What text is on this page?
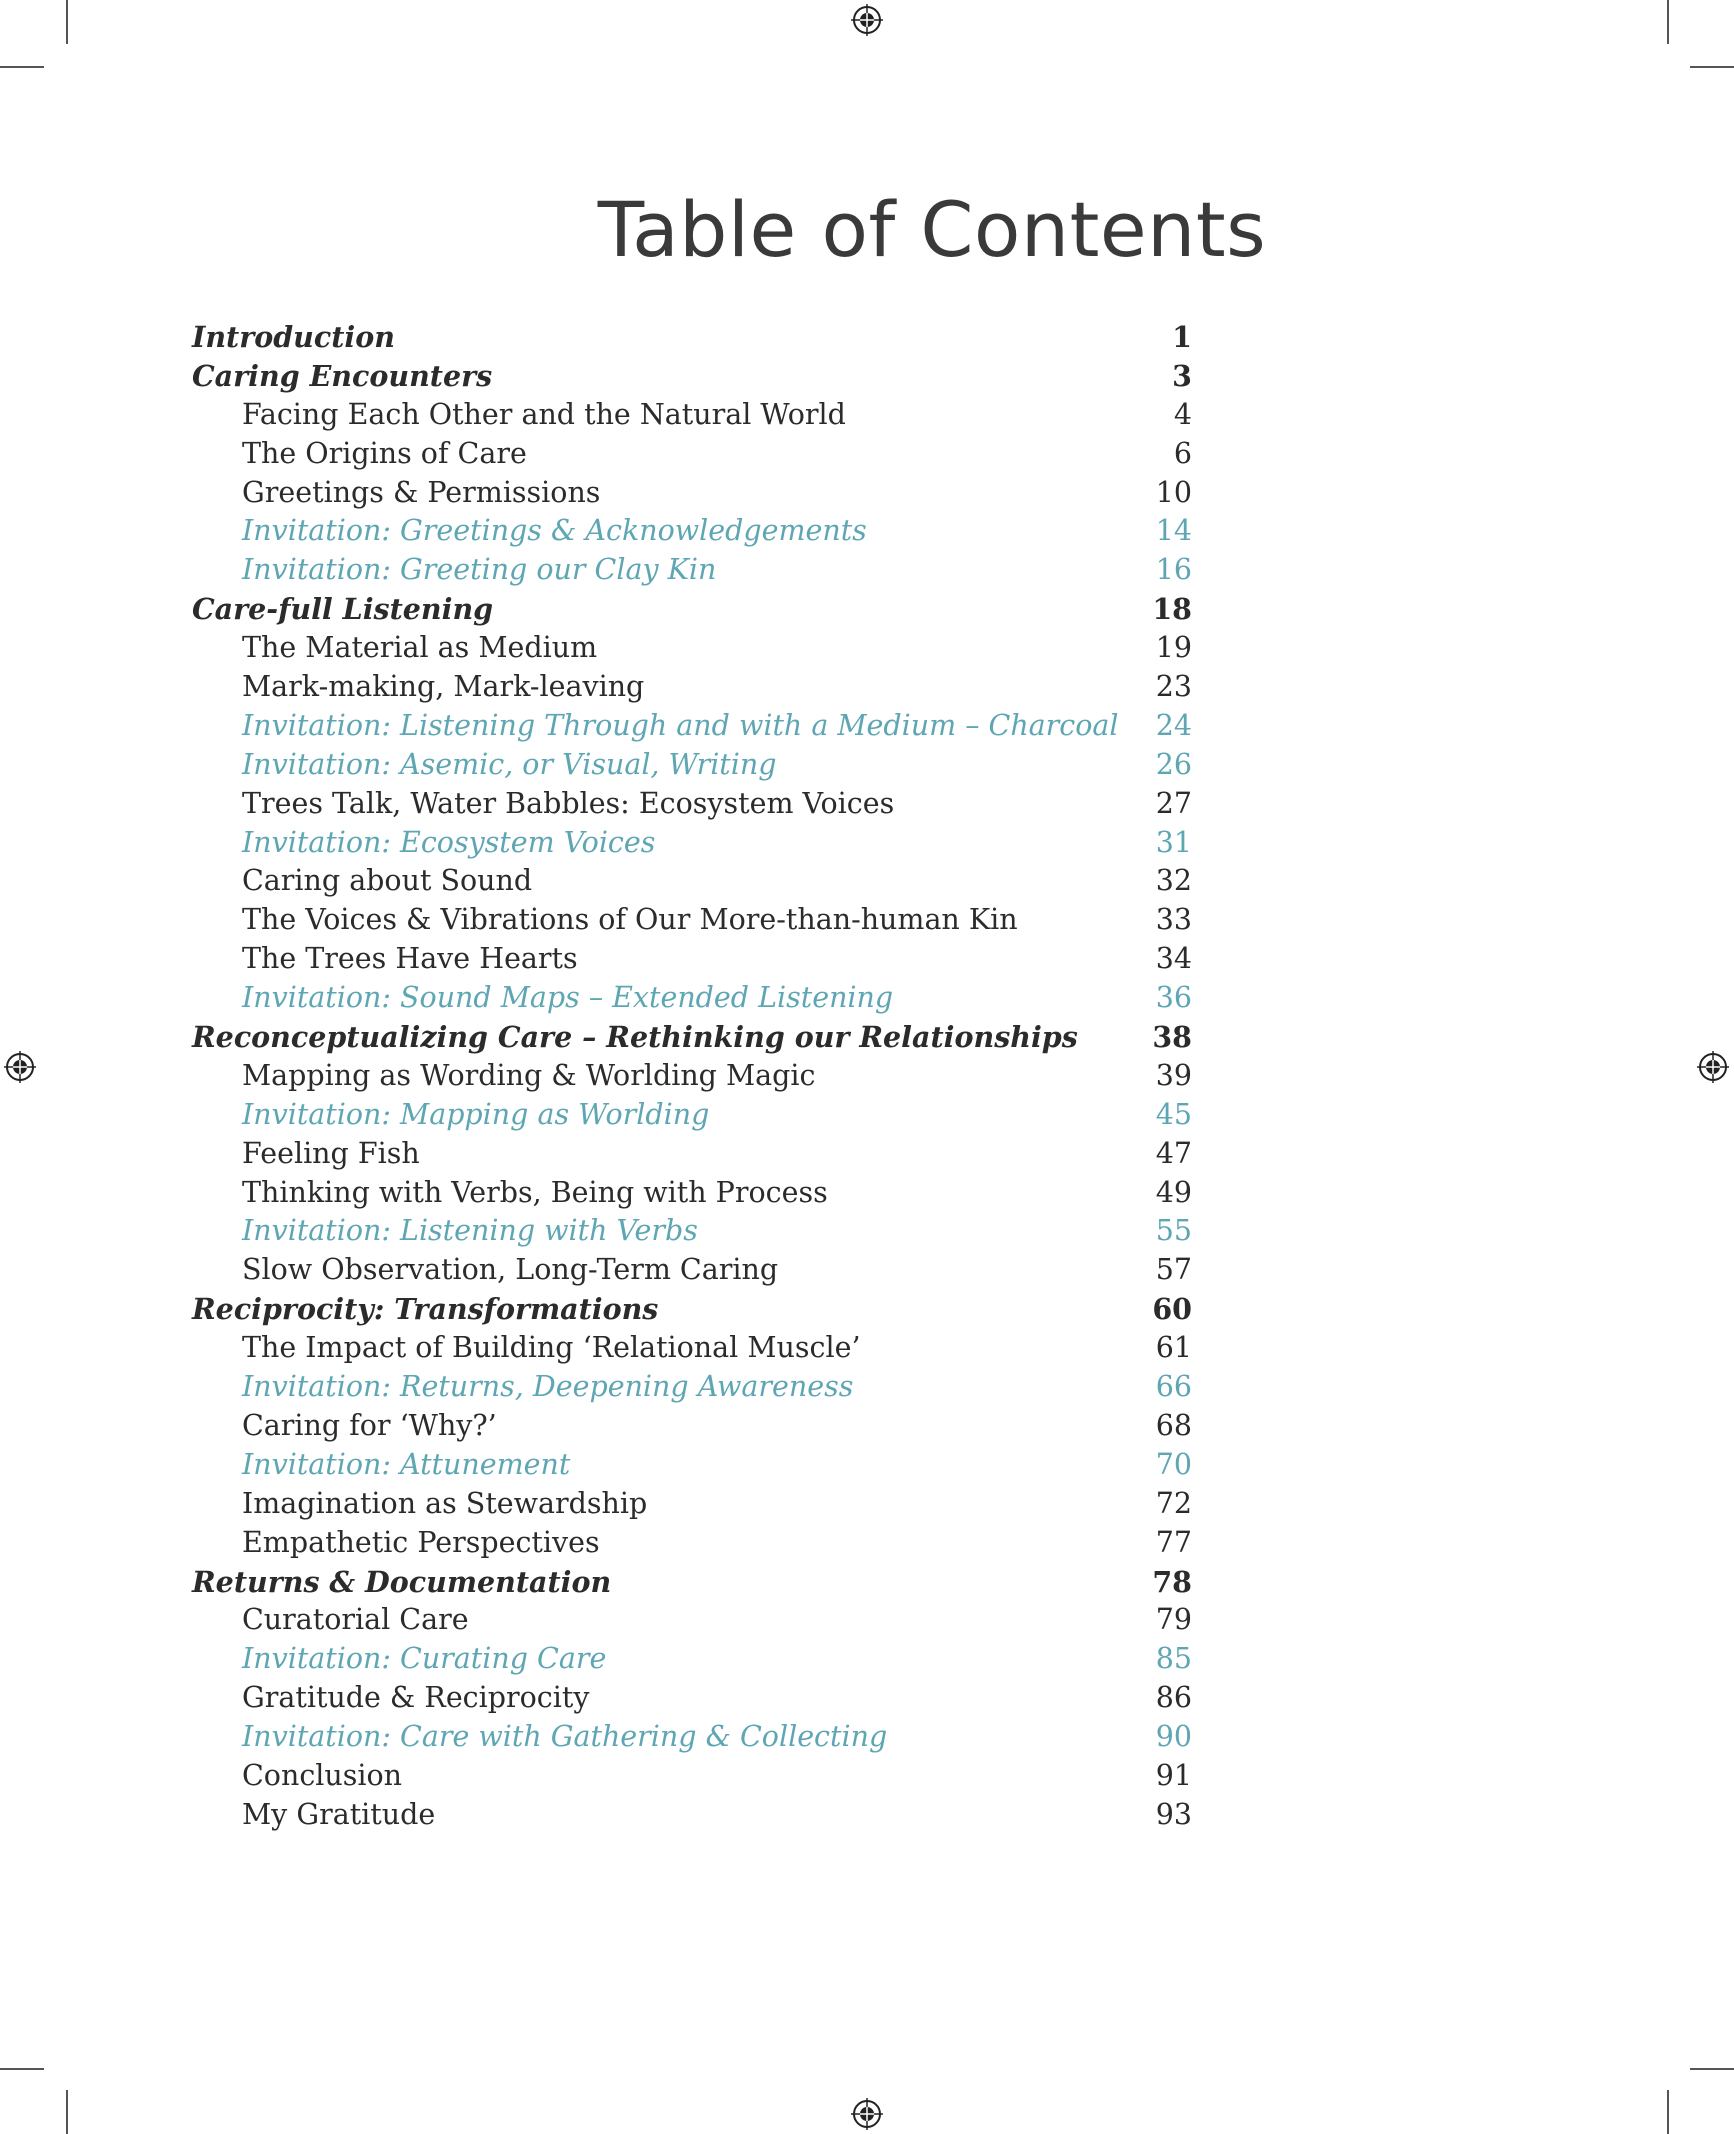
Table of Contents
Introduction	1
Caring Encounters	3
Facing Each Other and the Natural World	4
The Origins of Care	6
Greetings & Permissions	10
Invitation: Greetings & Acknowledgements	14
Invitation: Greeting our Clay Kin	16
Care-full Listening	18
The Material as Medium	19
Mark-making, Mark-leaving	23
Invitation: Listening Through and with a Medium – Charcoal 24
Invitation: Asemic, or Visual, Writing	26
Trees Talk, Water Babbles: Ecosystem Voices	27
Invitation: Ecosystem Voices	31
Caring about Sound	32
The Voices & Vibrations of Our More-than-human Kin	33
The Trees Have Hearts	34
Invitation: Sound Maps – Extended Listening	36
Reconceptualizing Care – Rethinking our Relationships	38
Mapping as Wording & Worlding Magic	39
Invitation: Mapping as Worlding	45
Feeling Fish	47
Thinking with Verbs, Being with Process	49
Invitation: Listening with Verbs	55
Slow Observation, Long-Term Caring	57
Reciprocity: Transformations	60
The Impact of Building ‘Relational Muscle’	61
Invitation: Returns, Deepening Awareness	66
Caring for ‘Why?’	68
Invitation: Attunement	70
Imagination as Stewardship	72
Empathetic Perspectives	77
Returns & Documentation	78
Curatorial Care	79
Invitation: Curating Care	85
Gratitude & Reciprocity	86
Invitation: Care with Gathering & Collecting	90
Conclusion	91
My Gratitude	93
